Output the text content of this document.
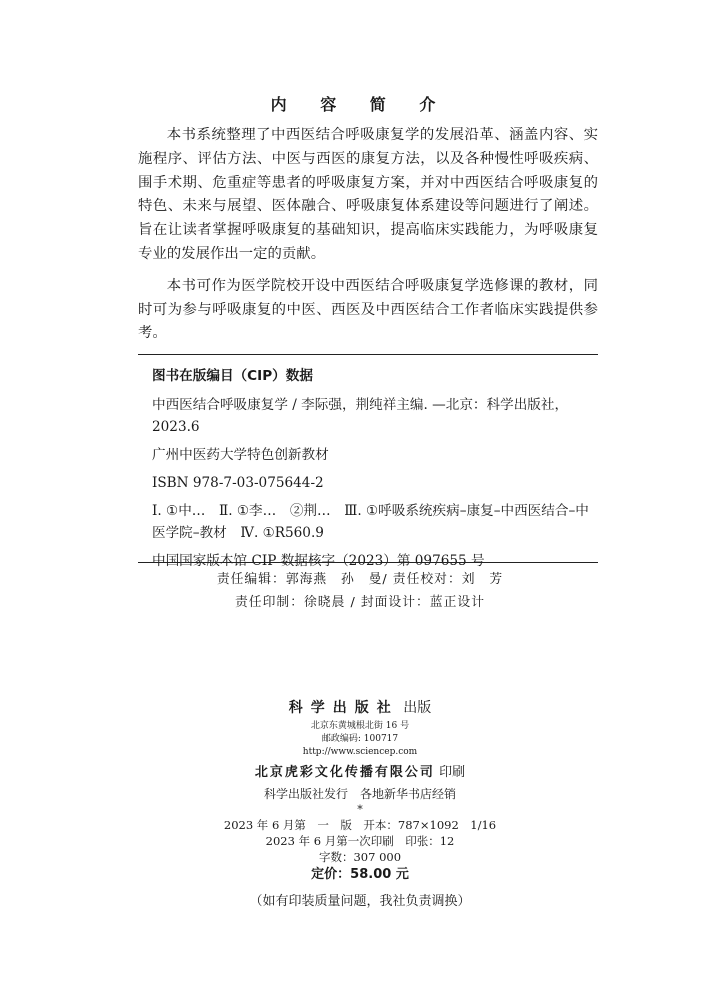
内 容 简 介

本书系统整理了中西医结合呼吸康复学的发展沿革、涵盖内容、实施程序、评估方法、中医与西医的康复方法，以及各种慢性呼吸疾病、围手术期、危重症等患者的呼吸康复方案，并对中西医结合呼吸康复的特色、未来与展望、医体融合、呼吸康复体系建设等问题进行了阐述。旨在让读者掌握呼吸康复的基础知识，提高临床实践能力，为呼吸康复专业的发展作出一定的贡献。

本书可作为医学院校开设中西医结合呼吸康复学选修课的教材，同时可为参与呼吸康复的中医、西医及中西医结合工作者临床实践提供参考。

图书在版编目（CIP）数据
中西医结合呼吸康复学 / 李际强，荆纯祥主编. —北京：科学出版社，2023.6
广州中医药大学特色创新教材
ISBN 978-7-03-075644-2
Ⅰ. ①中…　Ⅱ. ①李…　②荆…　Ⅲ. ①呼吸系统疾病–康复–中西医结合–中医学院–教材　Ⅳ. ①R560.9
中国国家版本馆 CIP 数据核字（2023）第 097655 号
责任编辑：郭海燕　孙　曼/ 责任校对：刘　芳
责任印制：徐晓晨 / 封面设计：蓝正设计
科学出版社 出版
北京东黄城根北街 16 号
邮政编码: 100717
http://www.sciencep.com
北京虎彩文化传播有限公司 印刷
科学出版社发行　各地新华书店经销
*
2023 年 6 月第　一　版　开本：787×1092　1/16
2023 年 6 月第一次印刷　印张：12
字数：307 000
定价：58.00 元
（如有印装质量问题，我社负责调换）
